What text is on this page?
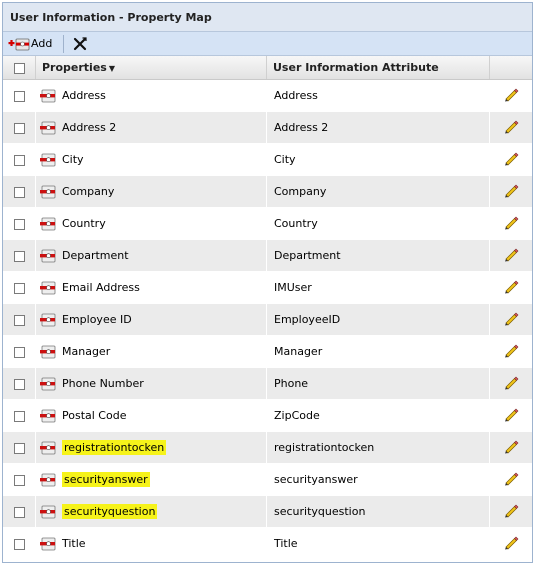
User Information - Property Map
Add
	Properties ▼	User Information Attribute	

	Address	Address	

	Address 2	Address 2	

	City	City	

	Company	Company	

	Country	Country	

	Department	Department	

	Email Address	IMUser	

	Employee ID	EmployeeID	

	Manager	Manager	

	Phone Number	Phone	

	Postal Code	ZipCode	

	registrationtocken	registrationtocken	

	securityanswer	securityanswer	

	securityquestion	securityquestion	

	Title	Title	
